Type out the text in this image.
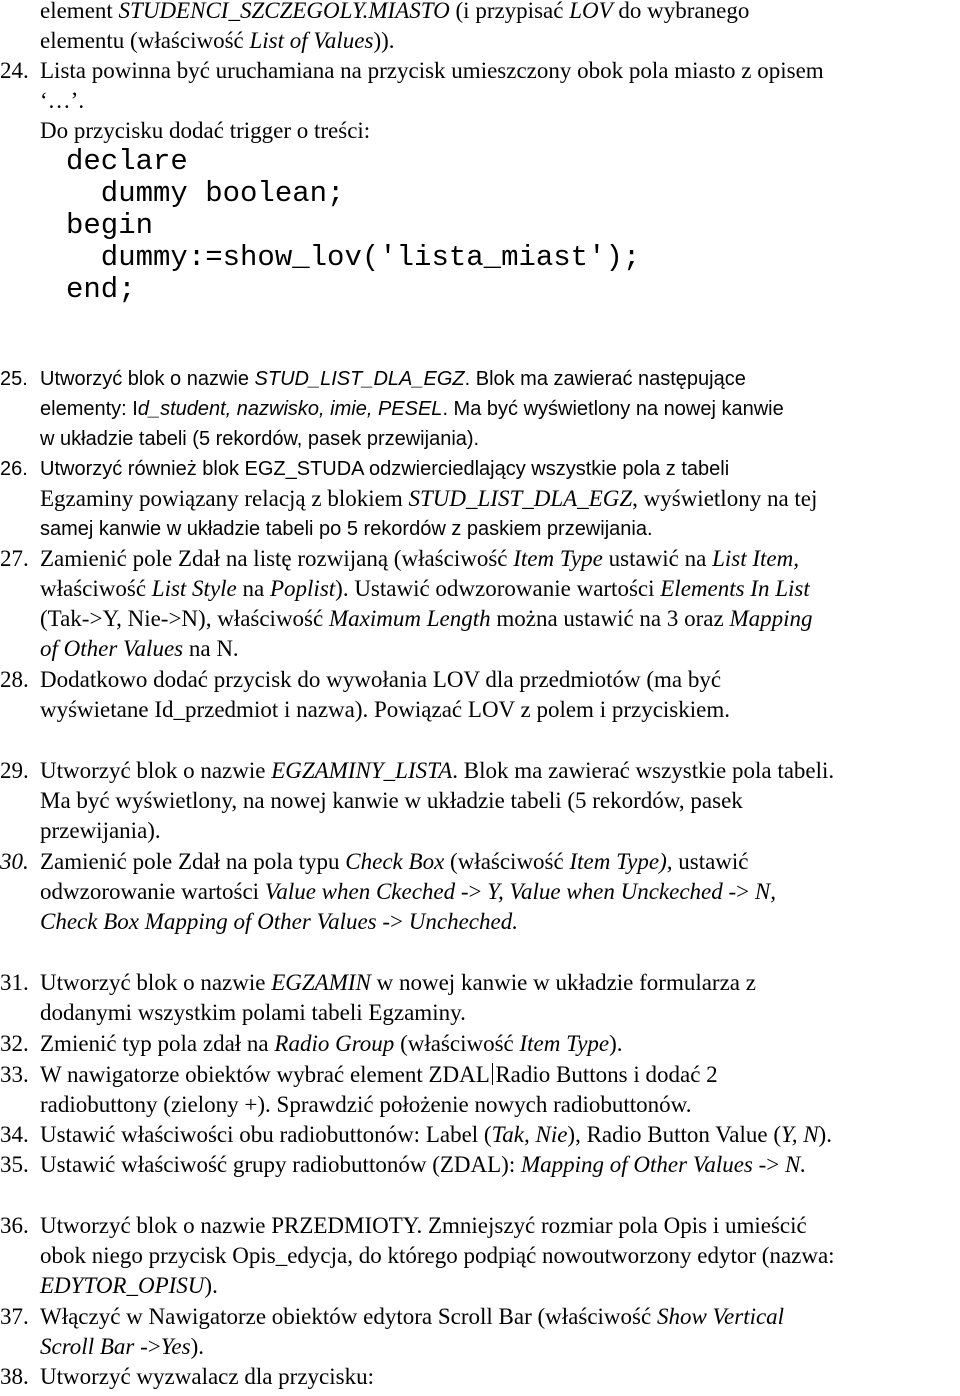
element STUDENCI_SZCZEGOLY.MIASTO (i przypisać LOV do wybranego
elementu (właściwość List of Values)).
24. Lista powinna być uruchamiana na przycisk umieszczony obok pola miasto z opisem
‘…’.
Do przycisku dodać trigger o treści:
declare
dummy boolean;
begin
dummy:=show_lov('lista_miast');
end;
25. Utworzyć blok o nazwie STUD_LIST_DLA_EGZ. Blok ma zawierać następujące
elementy: Id_student, nazwisko, imie, PESEL. Ma być wyświetlony na nowej kanwie
w układzie tabeli (5 rekordów, pasek przewijania).
26. Utworzyć również blok EGZ_STUDA odzwierciedlający wszystkie pola z tabeli
Egzaminy powiązany relacją z blokiem STUD_LIST_DLA_EGZ, wyświetlony na tej
samej kanwie w układzie tabeli po 5 rekordów z paskiem przewijania.
27. Zamienić pole Zdał na listę rozwijaną (właściwość Item Type ustawić na List Item,
właściwość List Style na Poplist). Ustawić odwzorowanie wartości Elements In List
(Tak->Y, Nie->N), właściwość Maximum Length można ustawić na 3 oraz Mapping
of Other Values na N.
28. Dodatkowo dodać przycisk do wywołania LOV dla przedmiotów (ma być
wyświetane Id_przedmiot i nazwa). Powiązać LOV z polem i przyciskiem.
29. Utworzyć blok o nazwie EGZAMINY_LISTA. Blok ma zawierać wszystkie pola tabeli.
Ma być wyświetlony, na nowej kanwie w układzie tabeli (5 rekordów, pasek
przewijania).
30. Zamienić pole Zdał na pola typu Check Box (właściwość Item Type), ustawić
odwzorowanie wartości Value when Ckeched -> Y, Value when Unckeched -> N,
Check Box Mapping of Other Values -> Uncheched.
31. Utworzyć blok o nazwie EGZAMIN w nowej kanwie w układzie formularza z
dodanymi wszystkim polami tabeli Egzaminy.
32. Zmienić typ pola zdał na Radio Group (właściwość Item Type).
33. W nawigatorze obiektów wybrać element ZDAL Radio Buttons i dodać 2
radiobuttony (zielony +). Sprawdzić położenie nowych radiobuttonów.
34. Ustawić właściwości obu radiobuttonów: Label (Tak, Nie), Radio Button Value (Y, N).
35. Ustawić właściwość grupy radiobuttonów (ZDAL): Mapping of Other Values -> N.
36. Utworzyć blok o nazwie PRZEDMIOTY. Zmniejszyć rozmiar pola Opis i umieścić
obok niego przycisk Opis_edycja, do którego podpiąć nowoutworzony edytor (nazwa:
EDYTOR_OPISU).
37. Włączyć w Nawigatorze obiektów edytora Scroll Bar (właściwość Show Vertical
Scroll Bar ->Yes).
38. Utworzyć wyzwalacz dla przycisku:
